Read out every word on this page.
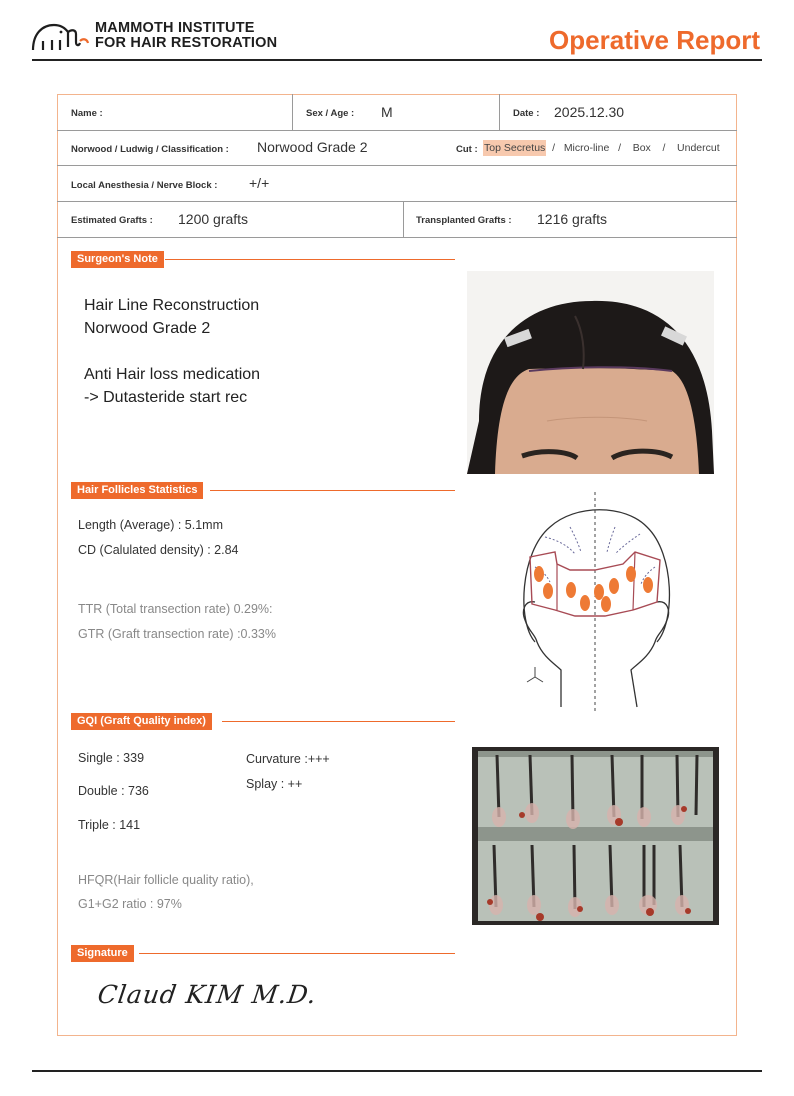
MAMMOTH INSTITUTE
FOR HAIR RESTORATION	Operative Report
Name :	Sex / Age : M	Date : 2025.12.30
Norwood / Ludwig / Classification : Norwood Grade 2	Cut : Top Secretus  /   Micro-line   /    Box    /    Undercut
Local Anesthesia / Nerve Block : +/+
Estimated Grafts : 1200 grafts	Transplanted Grafts : 1216 grafts
Surgeon's Note
Hair Line Reconstruction
Norwood Grade 2
Anti Hair loss medication
-> Dutasteride start rec
Hair Follicles Statistics
Length (Average) : 5.1mm
CD (Calulated density) : 2.84
TTR (Total transection rate) 0.29%:
GTR (Graft transection rate) :0.33%
GQI (Graft Quality index)
Single : 339
Double : 736
Triple : 141
Curvature :+++
Splay : ++
HFQR(Hair follicle quality ratio),
G1+G2 ratio : 97%
Signature
Claud KIM M.D.
